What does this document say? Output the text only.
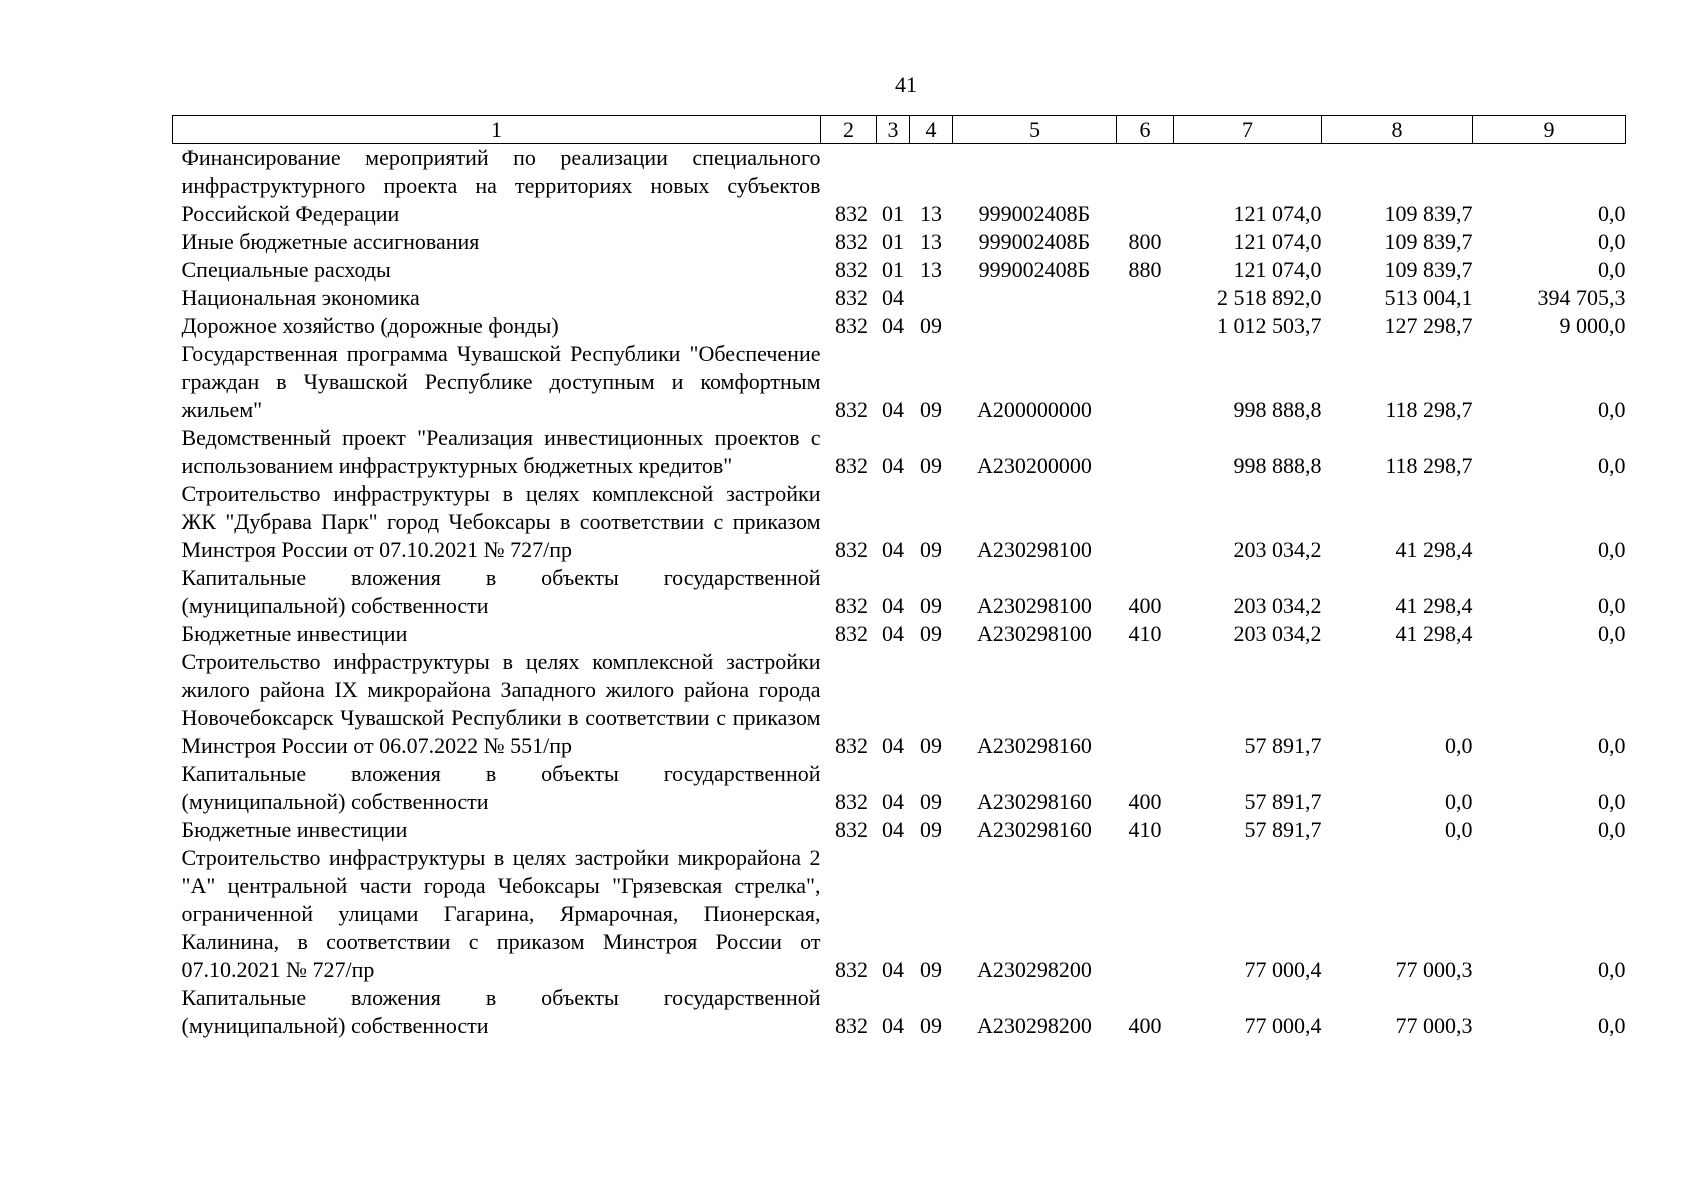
41
1	2	3	4	5	6	7	8	9
Финансирование мероприятий по реализации специального инфраструктурного проекта на территориях новых субъектов Российской Федерации	832	01	13	999002408Б		121 074,0	109 839,7	0,0
Иные бюджетные ассигнования	832	01	13	999002408Б	800	121 074,0	109 839,7	0,0
Специальные расходы	832	01	13	999002408Б	880	121 074,0	109 839,7	0,0
Национальная экономика	832	04				2 518 892,0	513 004,1	394 705,3
Дорожное хозяйство (дорожные фонды)	832	04	09			1 012 503,7	127 298,7	9 000,0
Государственная программа Чувашской Республики "Обеспечение граждан в Чувашской Республике доступным и комфортным жильем"	832	04	09	А200000000		998 888,8	118 298,7	0,0
Ведомственный проект "Реализация инвестиционных проектов с использованием инфраструктурных бюджетных кредитов"	832	04	09	А230200000		998 888,8	118 298,7	0,0
Строительство инфраструктуры в целях комплексной застройки ЖК "Дубрава Парк" город Чебоксары в соответствии с приказом Минстроя России от 07.10.2021 № 727/пр	832	04	09	А230298100		203 034,2	41 298,4	0,0
Капитальные вложения в объекты государственной (муниципальной) собственности	832	04	09	А230298100	400	203 034,2	41 298,4	0,0
Бюджетные инвестиции	832	04	09	А230298100	410	203 034,2	41 298,4	0,0
Строительство инфраструктуры в целях комплексной застройки жилого района IX микрорайона Западного жилого района города Новочебоксарск Чувашской Республики в соответствии с приказом Минстроя России от 06.07.2022 № 551/пр	832	04	09	А230298160		57 891,7	0,0	0,0
Капитальные вложения в объекты государственной (муниципальной) собственности	832	04	09	А230298160	400	57 891,7	0,0	0,0
Бюджетные инвестиции	832	04	09	А230298160	410	57 891,7	0,0	0,0
Строительство инфраструктуры в целях застройки микрорайона 2 "А" центральной части города Чебоксары "Грязевская стрелка", ограниченной улицами Гагарина, Ярмарочная, Пионерская, Калинина, в соответствии с приказом Минстроя России от 07.10.2021 № 727/пр	832	04	09	А230298200		77 000,4	77 000,3	0,0
Капитальные вложения в объекты государственной (муниципальной) собственности	832	04	09	А230298200	400	77 000,4	77 000,3	0,0
